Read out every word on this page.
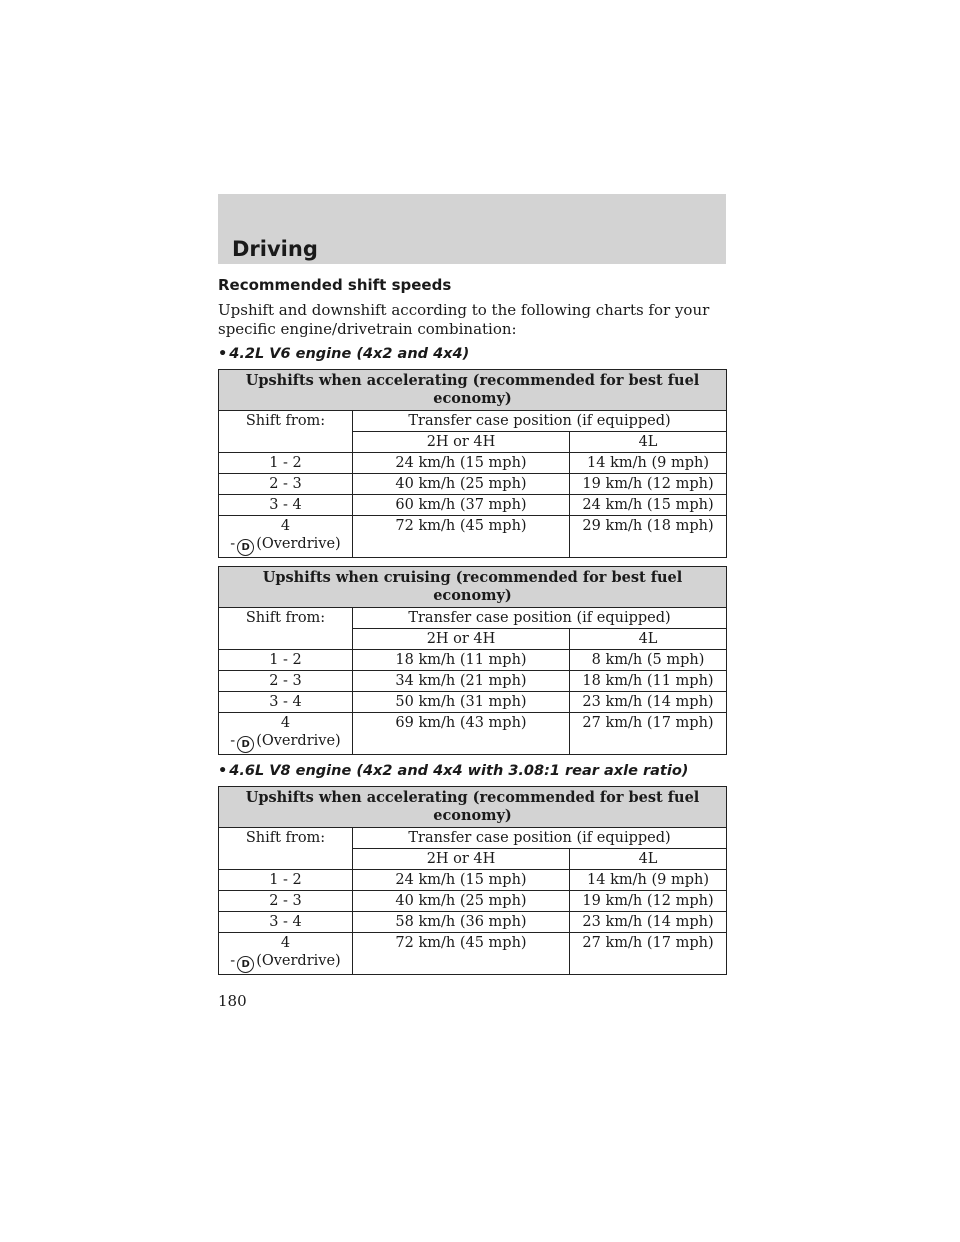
Driving

Recommended shift speeds

Upshift and downshift according to the following charts for your specific engine/drivetrain combination:

• 4.2L V6 engine (4x2 and 4x4)

Upshifts when accelerating (recommended for best fuel economy)		
Shift from:	Transfer case position (if equipped)	
	2H or 4H	4L
1 - 2	24 km/h (15 mph)	14 km/h (9 mph)
2 - 3	40 km/h (25 mph)	19 km/h (12 mph)
3 - 4	60 km/h (37 mph)	24 km/h (15 mph)

4
- D (Overdrive)	72 km/h (45 mph)	29 km/h (18 mph)
Upshifts when cruising (recommended for best fuel economy)		
Shift from:	Transfer case position (if equipped)	
	2H or 4H	4L
1 - 2	18 km/h (11 mph)	8 km/h (5 mph)
2 - 3	34 km/h (21 mph)	18 km/h (11 mph)
3 - 4	50 km/h (31 mph)	23 km/h (14 mph)

4
- D (Overdrive)	69 km/h (43 mph)	27 km/h (17 mph)

• 4.6L V8 engine (4x2 and 4x4 with 3.08:1 rear axle ratio)

Upshifts when accelerating (recommended for best fuel economy)		
Shift from:	Transfer case position (if equipped)	
	2H or 4H	4L
1 - 2	24 km/h (15 mph)	14 km/h (9 mph)
2 - 3	40 km/h (25 mph)	19 km/h (12 mph)
3 - 4	58 km/h (36 mph)	23 km/h (14 mph)

4
- D (Overdrive)	72 km/h (45 mph)	27 km/h (17 mph)
180
